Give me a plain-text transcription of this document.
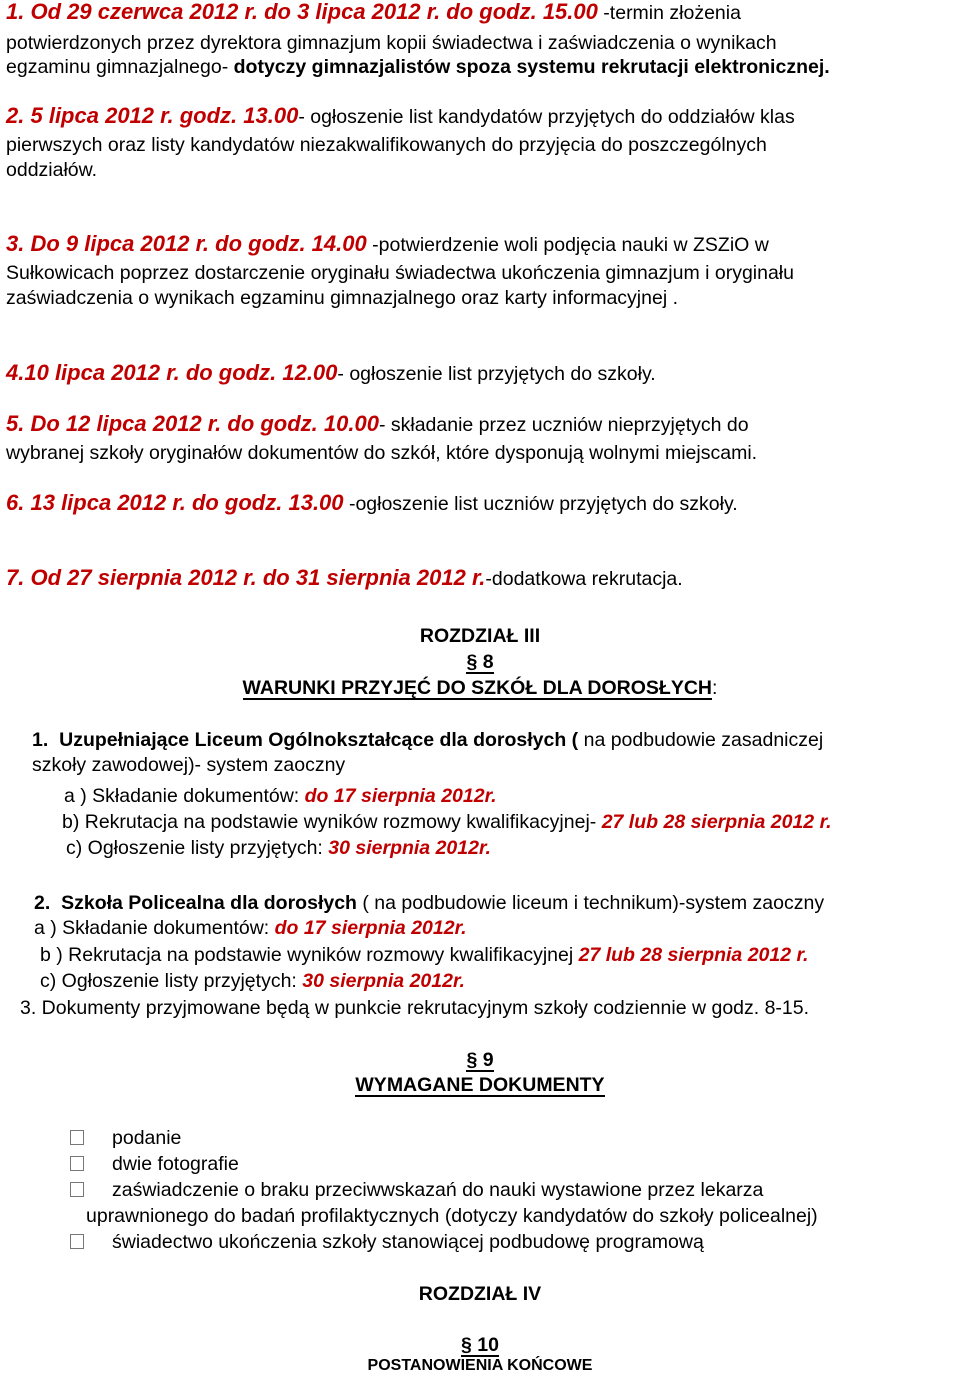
1. Od 29 czerwca 2012 r. do 3 lipca 2012 r. do godz. 15.00 -termin złożenia
potwierdzonych przez dyrektora gimnazjum kopii świadectwa i zaświadczenia o wynikach
egzaminu gimnazjalnego- dotyczy gimnazjalistów spoza systemu rekrutacji elektronicznej.
2. 5 lipca 2012 r. godz. 13.00- ogłoszenie list kandydatów przyjętych do oddziałów klas
pierwszych oraz listy kandydatów niezakwalifikowanych do przyjęcia do poszczególnych
oddziałów.
3. Do 9 lipca 2012 r. do godz. 14.00 -potwierdzenie woli podjęcia nauki w ZSZiO w
Sułkowicach poprzez dostarczenie oryginału świadectwa ukończenia gimnazjum i oryginału
zaświadczenia o wynikach egzaminu gimnazjalnego oraz karty informacyjnej .
4.10 lipca 2012 r. do godz. 12.00- ogłoszenie list przyjętych do szkoły.
5. Do 12 lipca 2012 r. do godz. 10.00- składanie przez uczniów nieprzyjętych do
wybranej szkoły oryginałów dokumentów do szkół, które dysponują wolnymi miejscami.
6. 13 lipca 2012 r. do godz. 13.00 -ogłoszenie list uczniów przyjętych do szkoły.
7. Od 27 sierpnia 2012 r. do 31 sierpnia 2012 r.-dodatkowa rekrutacja.
ROZDZIAŁ III
§ 8
WARUNKI PRZYJĘĆ DO SZKÓŁ DLA DOROSŁYCH:
1. Uzupełniające Liceum Ogólnokształcące dla dorosłych ( na podbudowie zasadniczej
szkoły zawodowej)- system zaoczny
a ) Składanie dokumentów: do 17 sierpnia 2012r.
b) Rekrutacja na podstawie wyników rozmowy kwalifikacyjnej- 27 lub 28 sierpnia 2012 r.
c) Ogłoszenie listy przyjętych: 30 sierpnia 2012r.
2. Szkoła Policealna dla dorosłych ( na podbudowie liceum i technikum)-system zaoczny
a ) Składanie dokumentów: do 17 sierpnia 2012r.
b ) Rekrutacja na podstawie wyników rozmowy kwalifikacyjnej 27 lub 28 sierpnia 2012 r.
c) Ogłoszenie listy przyjętych: 30 sierpnia 2012r.
3. Dokumenty przyjmowane będą w punkcie rekrutacyjnym szkoły codziennie w godz. 8-15.
§ 9
WYMAGANE DOKUMENTY
podanie
dwie fotografie
zaświadczenie o braku przeciwwskazań do nauki wystawione przez lekarza
uprawnionego do badań profilaktycznych (dotyczy kandydatów do szkoły policealnej)
świadectwo ukończenia szkoły stanowiącej podbudowę programową
ROZDZIAŁ IV
§ 10
POSTANOWIENIA KOŃCOWE
